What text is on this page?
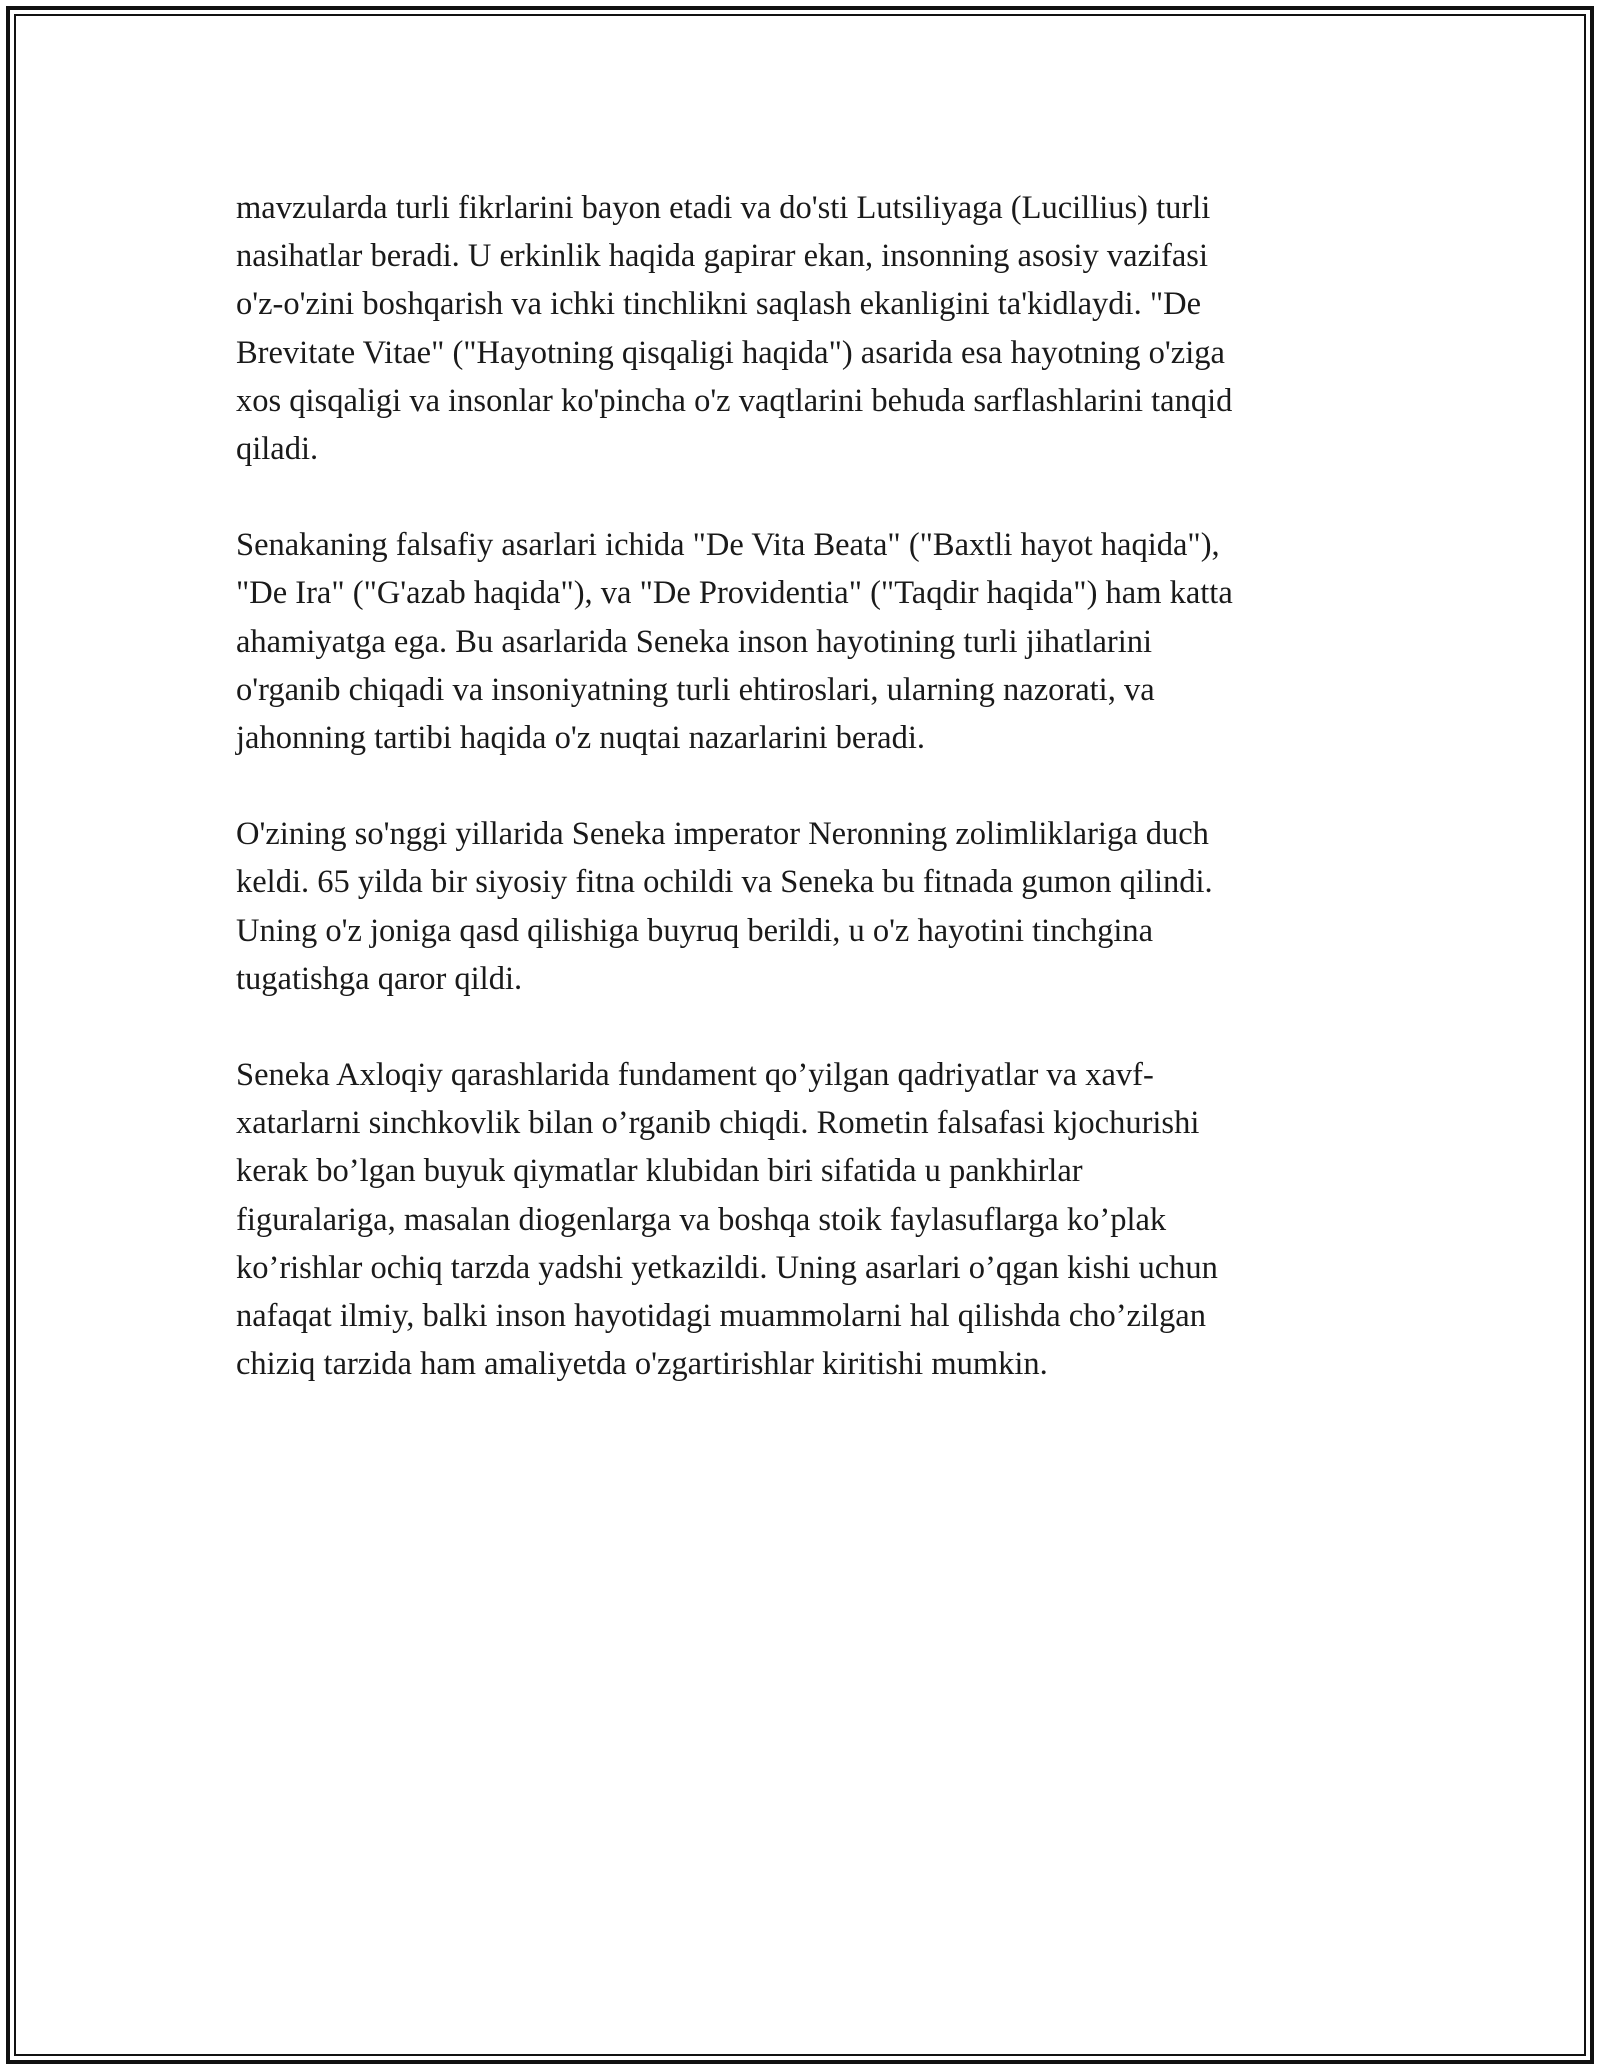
mavzularda turli fikrlarini bayon etadi va do'sti Lutsiliyaga (Lucillius) turli
nasihatlar beradi. U erkinlik haqida gapirar ekan, insonning asosiy vazifasi
o'z-o'zini boshqarish va ichki tinchlikni saqlash ekanligini ta'kidlaydi. "De
Brevitate Vitae" ("Hayotning qisqaligi haqida") asarida esa hayotning o'ziga
xos qisqaligi va insonlar ko'pincha o'z vaqtlarini behuda sarflashlarini tanqid
qiladi.

Senakaning falsafiy asarlari ichida "De Vita Beata" ("Baxtli hayot haqida"),
"De Ira" ("G'azab haqida"), va "De Providentia" ("Taqdir haqida") ham katta
ahamiyatga ega. Bu asarlarida Seneka inson hayotining turli jihatlarini
o'rganib chiqadi va insoniyatning turli ehtiroslari, ularning nazorati, va
jahonning tartibi haqida o'z nuqtai nazarlarini beradi.

O'zining so'nggi yillarida Seneka imperator Neronning zolimliklariga duch
keldi. 65 yilda bir siyosiy fitna ochildi va Seneka bu fitnada gumon qilindi.
Uning o'z joniga qasd qilishiga buyruq berildi, u o'z hayotini tinchgina
tugatishga qaror qildi.

Seneka Axloqiy qarashlarida fundament qo’yilgan qadriyatlar va xavf-
xatarlarni sinchkovlik bilan o’rganib chiqdi. Rometin falsafasi kjochurishi
kerak bo’lgan buyuk qiymatlar klubidan biri sifatida u pankhirlar
figuralariga, masalan diogenlarga va boshqa stoik faylasuflarga ko’plak
ko’rishlar ochiq tarzda yadshi yetkazildi. Uning asarlari o’qgan kishi uchun
nafaqat ilmiy, balki inson hayotidagi muammolarni hal qilishda cho’zilgan
chiziq tarzida ham amaliyetda o'zgartirishlar kiritishi mumkin.
